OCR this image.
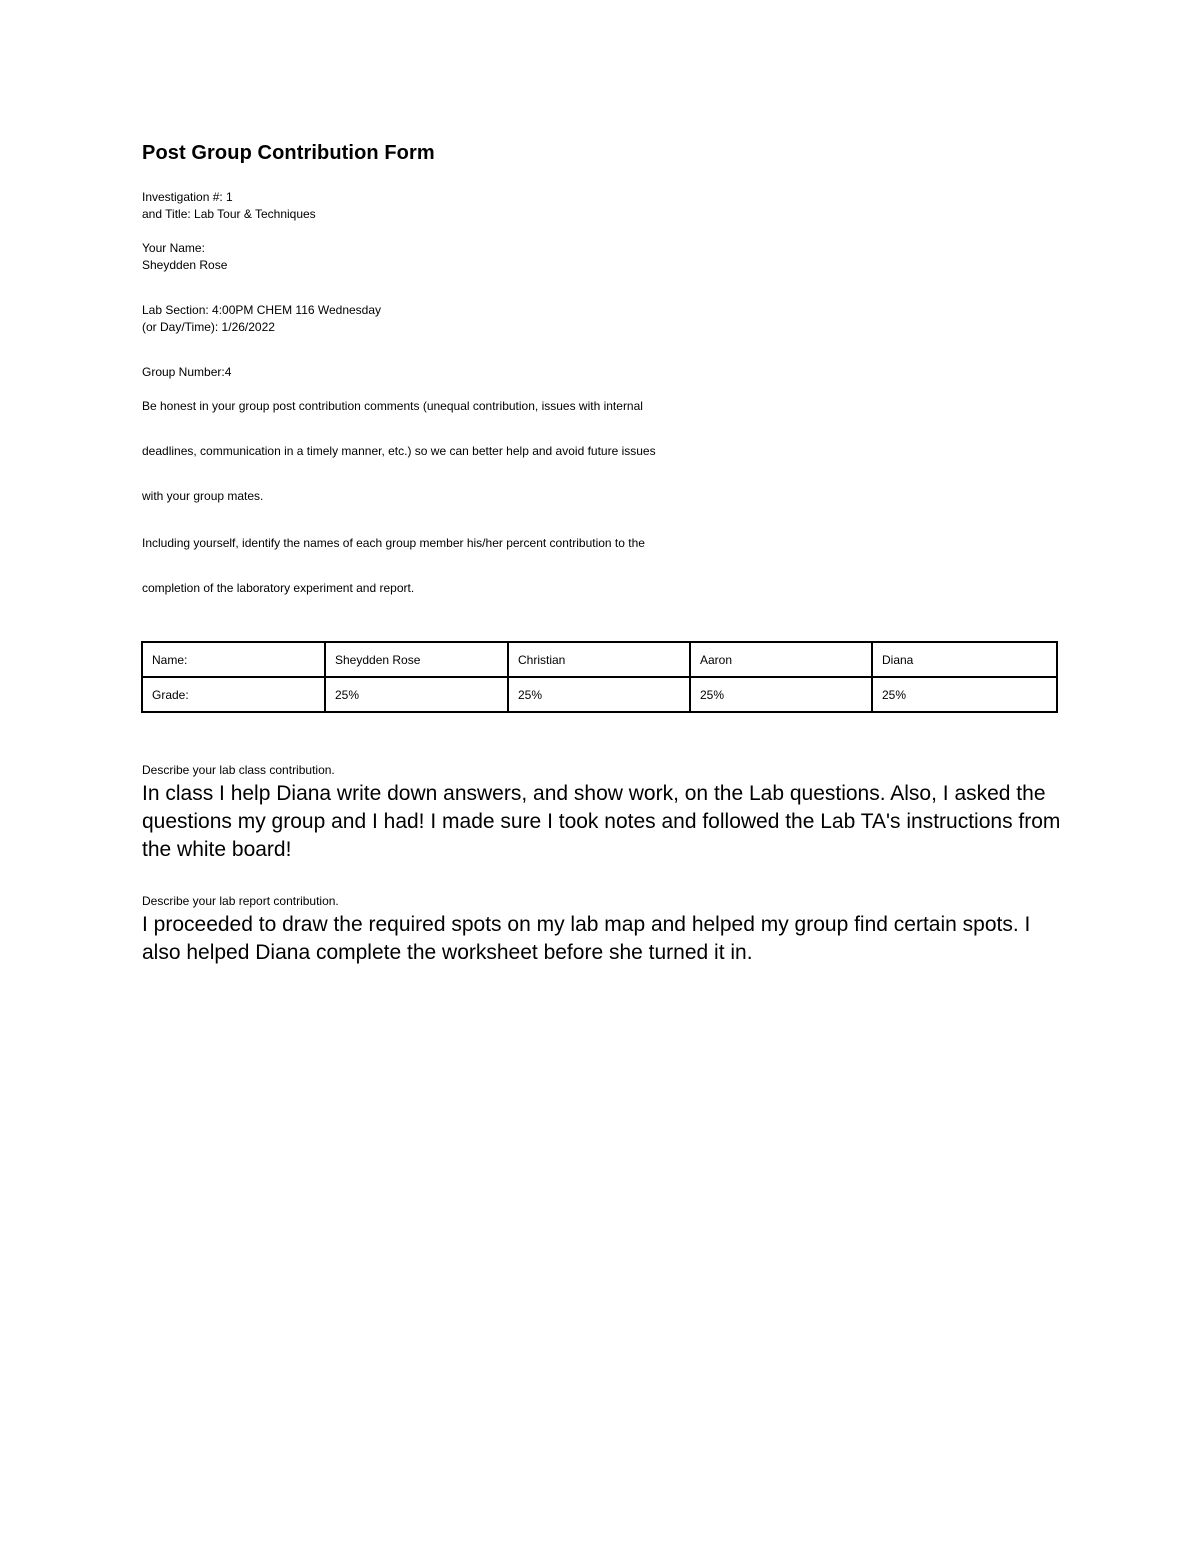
Post Group Contribution Form
Investigation #: 1
and Title: Lab Tour & Techniques
Your Name:
Sheydden Rose
Lab Section: 4:00PM CHEM 116 Wednesday
(or Day/Time): 1/26/2022
Group Number:4
Be honest in your group post contribution comments (unequal contribution, issues with internal
deadlines, communication in a timely manner, etc.) so we can better help and avoid future issues
with your group mates.
Including yourself, identify the names of each group member his/her percent contribution to the
completion of the laboratory experiment and report.
Name:	Sheydden Rose	Christian	Aaron	Diana
Grade:	25%	25%	25%	25%
Describe your lab class contribution.
In class I help Diana write down answers, and show work, on the Lab questions. Also, I asked the questions my group and I had! I made sure I took notes and followed the Lab TA's instructions from the white board!
Describe your lab report contribution.
I proceeded to draw the required spots on my lab map and helped my group find certain spots. I also helped Diana complete the worksheet before she turned it in.
